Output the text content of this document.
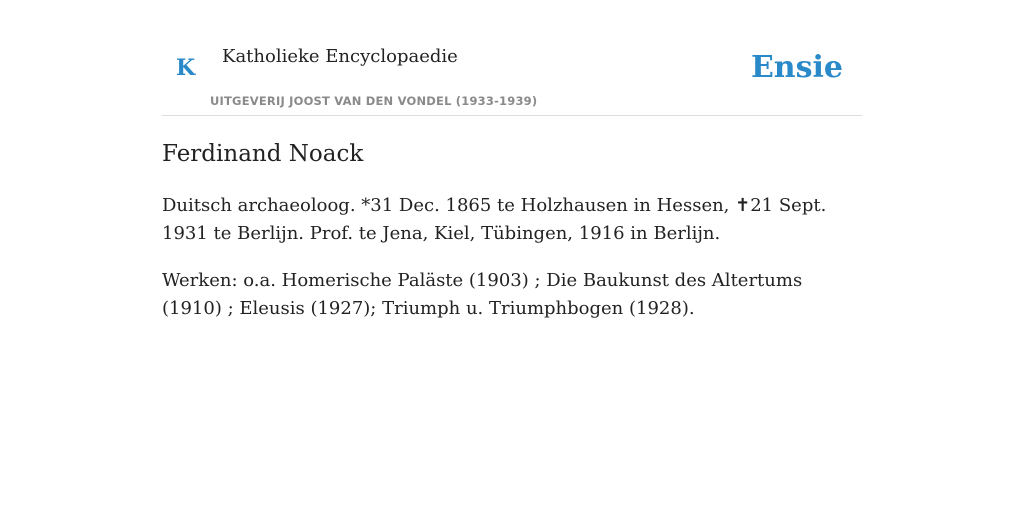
K Katholieke Encyclopaedie
UITGEVERIJ JOOST VAN DEN VONDEL (1933-1939)
Ensie
Ferdinand Noack

Duitsch archaeoloog. *31 Dec. 1865 te Holzhausen in Hessen, ✝21 Sept. 1931 te Berlijn. Prof. te Jena, Kiel, Tübingen, 1916 in Berlijn.

Werken: o.a. Homerische Paläste (1903) ; Die Baukunst des Altertums (1910) ; Eleusis (1927); Triumph u. Triumphbogen (1928).
